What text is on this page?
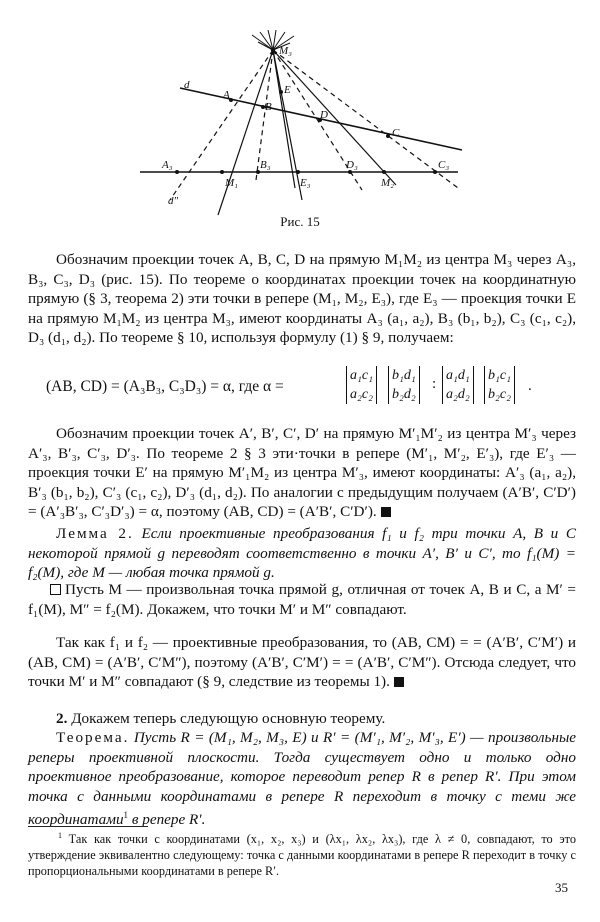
M₃
d
A
B
E
D
C
A₃	B₃	D₃	C₃
M₁	E₃	M₂
d″
Рис. 15

Обозначим проекции точек A, B, C, D на прямую M₁M₂ из центра M₃ через A₃, B₃, C₃, D₃ (рис. 15). По теореме о координатах проекции точек на координатную прямую (§ 3, теорема 2) эти точки в репере (M₁, M₂, E₃), где E₃ — проекция точки E на прямую M₁M₂ из центра M₃, имеют координаты A₃ (a₁, a₂), B₃ (b₁, b₂), C₃ (c₁, c₂), D₃ (d₁, d₂). По теореме § 10, используя формулу (1) § 9, получаем:

(AB, CD) = (A₃B₃, C₃D₃) = α, где α =
a₁c₁
a₂c₂
b₁d₁
b₂d₂
:
a₁d₁
a₂d₂
b₁c₁
b₂c₂
.

Обозначим проекции точек A′, B′, C′, D′ на прямую M′₁M′₂ из центра M′₃ через A′₃, B′₃, C′₃, D′₃. По теореме 2 § 3 эти·точки в репере (M′₁, M′₂, E′₃), где E′₃ — проекция точки E′ на прямую M′₁M₂ из центра M′₃, имеют координаты: A′₃ (a₁, a₂), B′₃ (b₁, b₂), C′₃ (c₁, c₂), D′₃ (d₁, d₂). По аналогии с предыдущим получаем (A′B′, C′D′) = (A′₃B′₃, C′₃D′₃) = α, поэтому (AB, CD) = (A′B′, C′D′).

Лемма 2. Если проективные преобразования f₁ и f₂ три точки A, B и C некоторой прямой g переводят соответственно в точки A′, B′ и C′, то f₁(M) = f₂(M), где M — любая точка прямой g.

Пусть M — произвольная точка прямой g, отличная от точек A, B и C, а M′ = f₁(M), M″ = f₂(M). Докажем, что точки M′ и M″ совпадают.

Так как f₁ и f₂ — проективные преобразования, то (AB, CM) = = (A′B′, C′M′) и (AB, CM) = (A′B′, C′M″), поэтому (A′B′, C′M′) = = (A′B′, C′M″). Отсюда следует, что точки M′ и M″ совпадают (§ 9, следствие из теоремы 1).

2. Докажем теперь следующую основную теорему.

Теорема. Пусть R = (M₁, M₂, M₃, E) и R′ = (M′₁, M′₂, M′₃, E′) — произвольные реперы проективной плоскости. Тогда существует одно и только одно проективное преобразование, которое переводит репер R в репер R′. При этом точка с данными координатами в репере R переходит в точку с теми же координатами$^1$ в репере R′.

$^1$ Так как точки с координатами (x₁, x₂, x₃) и (λx₁, λx₂, λx₃), где λ ≠ 0, совпадают, то это утверждение эквивалентно следующему: точка с данными координатами в репере R переходит в точку с пропорциональными координатами в репере R′.

35
